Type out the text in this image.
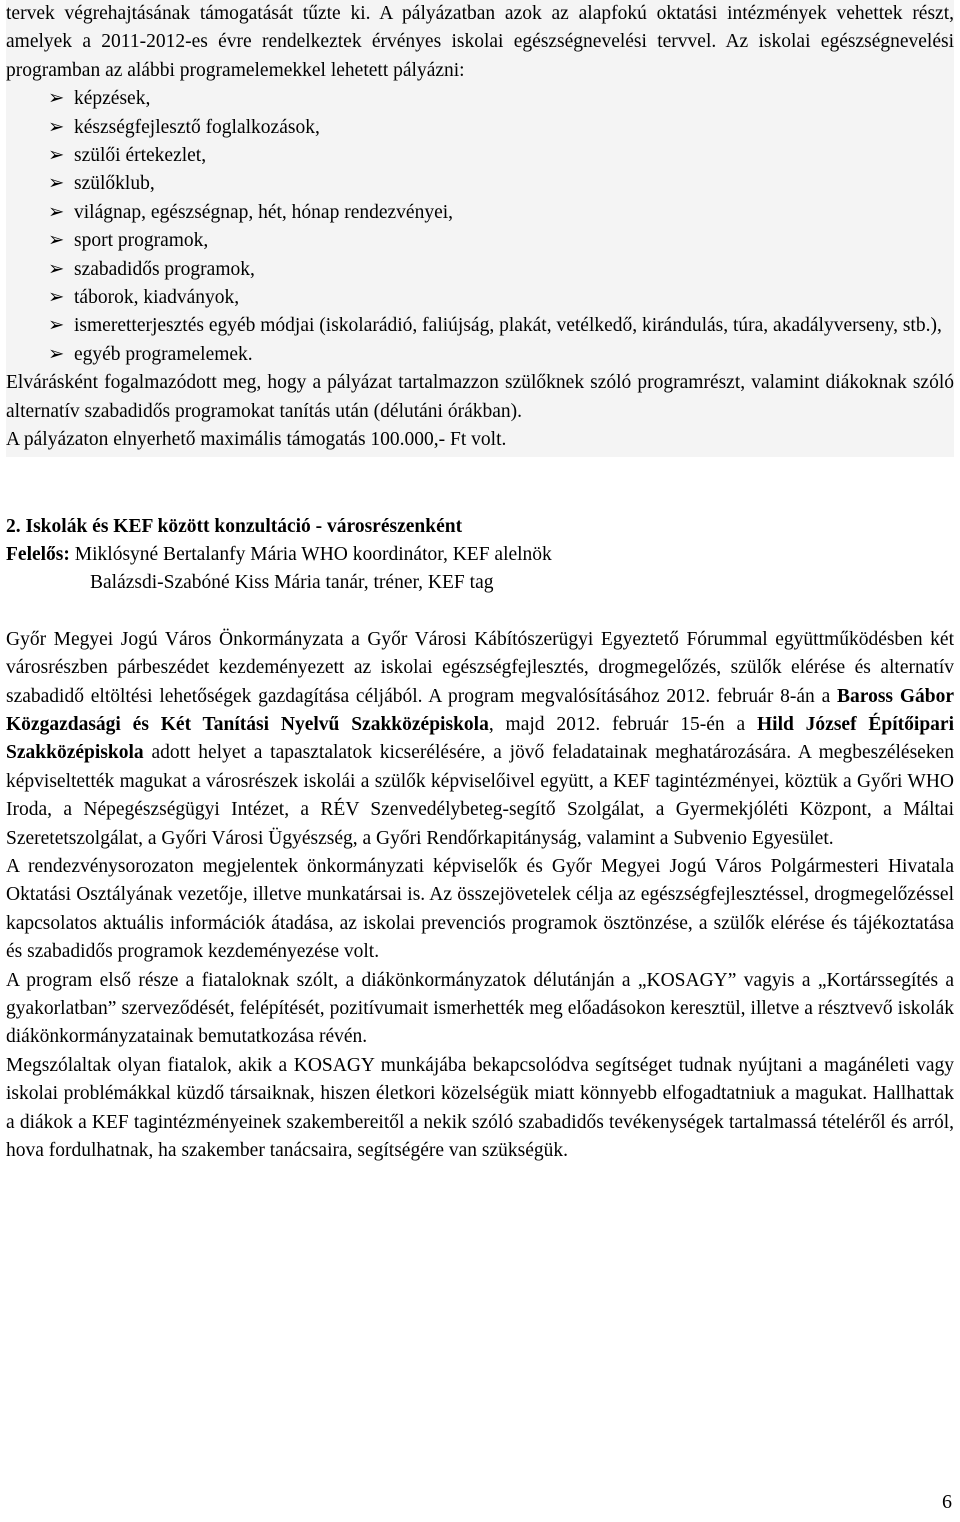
tervek végrehajtásának támogatását tűzte ki. A pályázatban azok az alapfokú oktatási intézmények vehettek részt, amelyek a 2011-2012-es évre rendelkeztek érvényes iskolai egészségnevelési tervvel. Az iskolai egészségnevelési programban az alábbi programelemekkel lehetett pályázni:

➢ képzések,
➢ készségfejlesztő foglalkozások,
➢ szülői értekezlet,
➢ szülőklub,
➢ világnap, egészségnap, hét, hónap rendezvényei,
➢ sport programok,
➢ szabadidős programok,
➢ táborok, kiadványok,
➢ ismeretterjesztés egyéb módjai (iskolarádió, faliújság, plakát, vetélkedő, kirándulás, túra, akadályverseny, stb.),
➢ egyéb programelemek.

Elvárásként fogalmazódott meg, hogy a pályázat tartalmazzon szülőknek szóló programrészt, valamint diákoknak szóló alternatív szabadidős programokat tanítás után (délutáni órákban).

A pályázaton elnyerhető maximális támogatás 100.000,- Ft volt.

2. Iskolák és KEF között konzultáció - városrészenként

Felelős: Miklósyné Bertalanfy Mária WHO koordinátor, KEF alelnök

Balázsdi-Szabóné Kiss Mária tanár, tréner, KEF tag

Győr Megyei Jogú Város Önkormányzata a Győr Városi Kábítószerügyi Egyeztető Fórummal együttműködésben két városrészben párbeszédet kezdeményezett az iskolai egészségfejlesztés, drogmegelőzés, szülők elérése és alternatív szabadidő eltöltési lehetőségek gazdagítása céljából. A program megvalósításához 2012. február 8-án a Baross Gábor Közgazdasági és Két Tanítási Nyelvű Szakközépiskola, majd 2012. február 15-én a Hild József Építőipari Szakközépiskola adott helyet a tapasztalatok kicserélésére, a jövő feladatainak meghatározására. A megbeszéléseken képviseltették magukat a városrészek iskolái a szülők képviselőivel együtt, a KEF tagintézményei, köztük a Győri WHO Iroda, a Népegészségügyi Intézet, a RÉV Szenvedélybeteg-segítő Szolgálat, a Gyermekjóléti Központ, a Máltai Szeretetszolgálat, a Győri Városi Ügyészség, a Győri Rendőrkapitányság, valamint a Subvenio Egyesület.

A rendezvénysorozaton megjelentek önkormányzati képviselők és Győr Megyei Jogú Város Polgármesteri Hivatala Oktatási Osztályának vezetője, illetve munkatársai is. Az összejövetelek célja az egészségfejlesztéssel, drogmegelőzéssel kapcsolatos aktuális információk átadása, az iskolai prevenciós programok ösztönzése, a szülők elérése és tájékoztatása és szabadidős programok kezdeményezése volt.

A program első része a fiataloknak szólt, a diákönkormányzatok délutánján a „KOSAGY” vagyis a „Kortárssegítés a gyakorlatban” szerveződését, felépítését, pozitívumait ismerhették meg előadásokon keresztül, illetve a résztvevő iskolák diákönkormányzatainak bemutatkozása révén.

Megszólaltak olyan fiatalok, akik a KOSAGY munkájába bekapcsolódva segítséget tudnak nyújtani a magánéleti vagy iskolai problémákkal küzdő társaiknak, hiszen életkori közelségük miatt könnyebb elfogadtatniuk a magukat. Hallhattak a diákok a KEF tagintézményeinek szakembereitől a nekik szóló szabadidős tevékenységek tartalmassá tételéről és arról, hova fordulhatnak, ha szakember tanácsaira, segítségére van szükségük.

6
